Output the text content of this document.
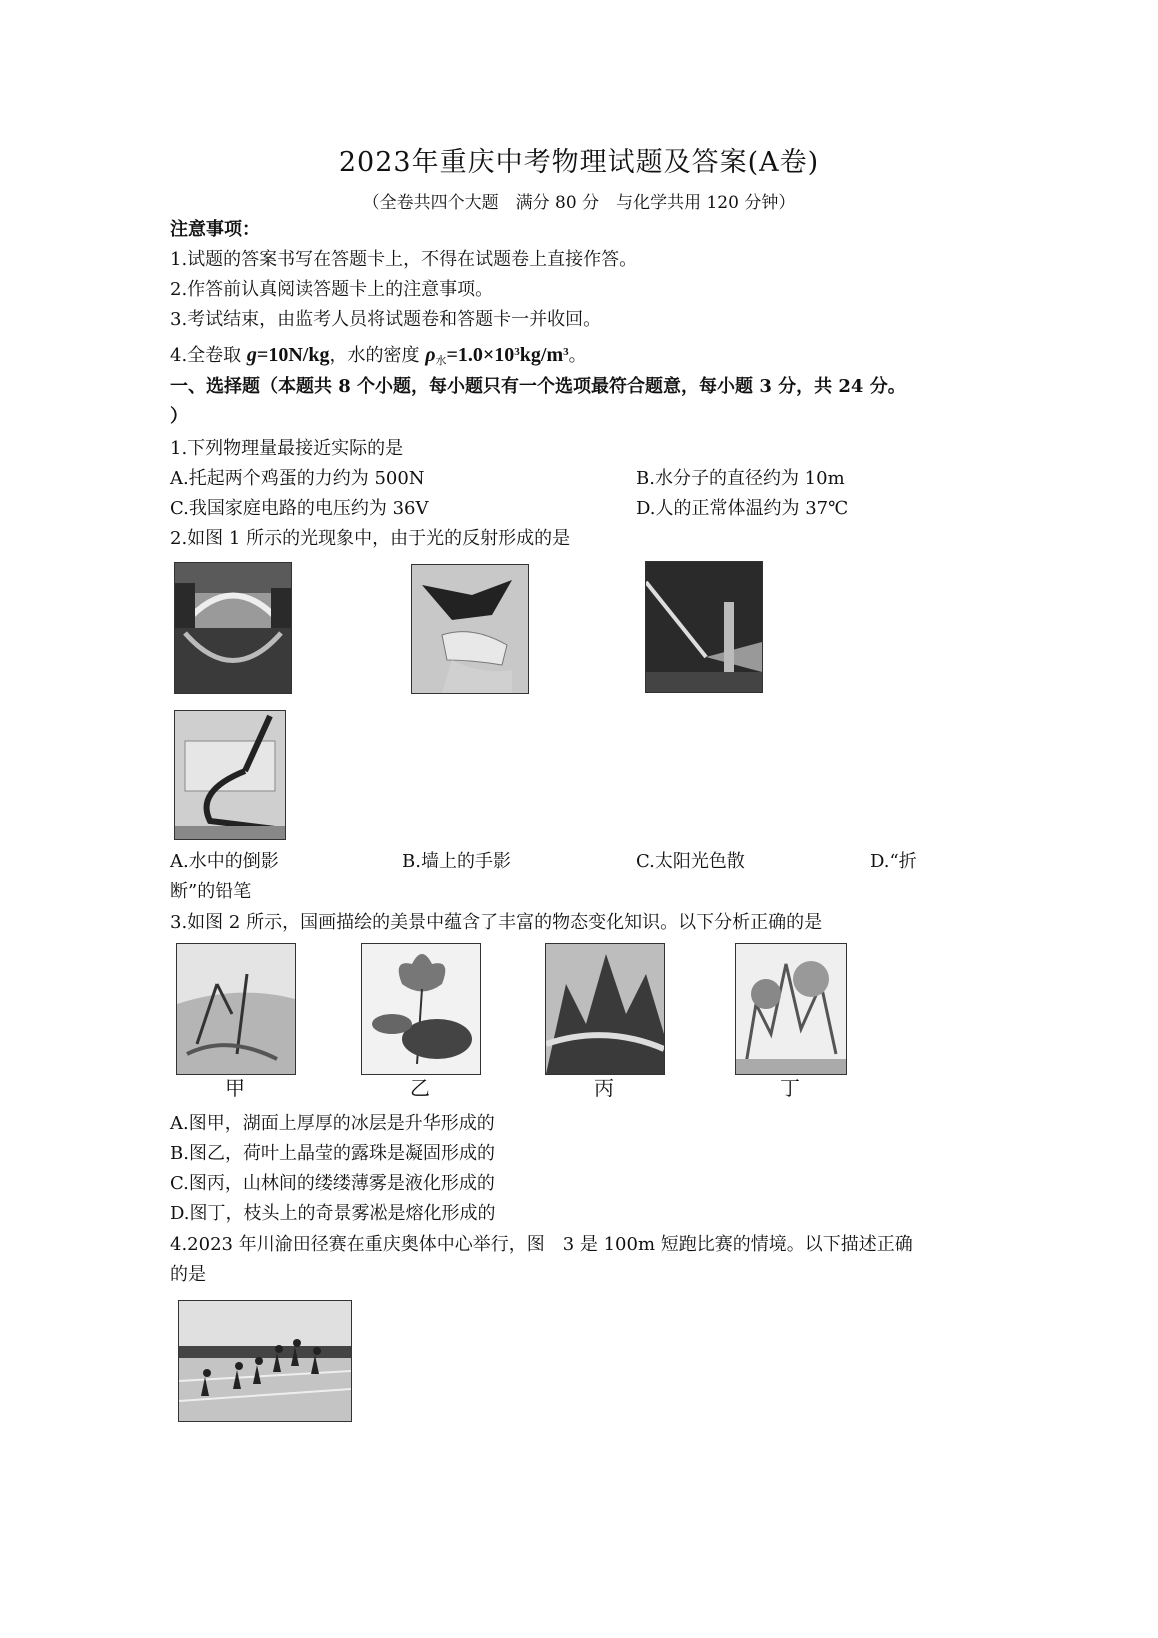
2023年重庆中考物理试题及答案(A卷)
（全卷共四个大题　满分 80 分　与化学共用 120 分钟）
注意事项：
1.试题的答案书写在答题卡上，不得在试题卷上直接作答。
2.作答前认真阅读答题卡上的注意事项。
3.考试结束，由监考人员将试题卷和答题卡一并收回。
4.全卷取 g=10N/kg，水的密度 $\rho_水=1.0\times 10^3kg/m^3$。
一、选择题（本题共 8 个小题，每小题只有一个选项最符合题意，每小题 3 分，共 24 分。
）
1.下列物理量最接近实际的是
A.托起两个鸡蛋的力约为 500N	B.水分子的直径约为 10m
C.我国家庭电路的电压约为 36V	D.人的正常体温约为 37℃
2.如图 1 所示的光现象中，由于光的反射形成的是
A.水中的倒影	B.墙上的手影	C.太阳光色散	D.“折
断”的铅笔
3.如图 2 所示，国画描绘的美景中蕴含了丰富的物态变化知识。以下分析正确的是
甲	乙	丙	丁
A.图甲，湖面上厚厚的冰层是升华形成的
B.图乙，荷叶上晶莹的露珠是凝固形成的
C.图丙，山林间的缕缕薄雾是液化形成的
D.图丁，枝头上的奇景雾凇是熔化形成的
4.2023 年川渝田径赛在重庆奥体中心举行，图　3 是 100m 短跑比赛的情境。以下描述正确
的是
